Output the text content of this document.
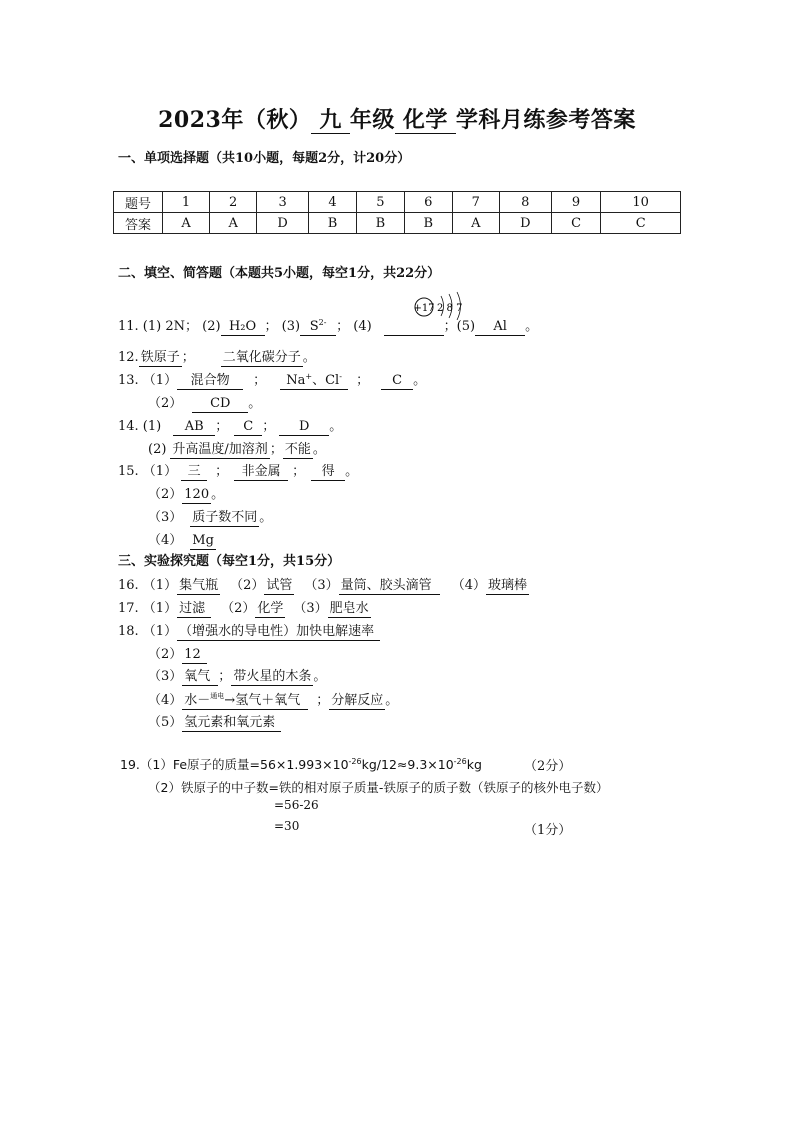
2023年（秋） 九 年级 化学 学科月练参考答案
一、单项选择题（共10小题，每题2分，计20分）
题号	1	2	3	4	5	6	7	8	9	10
答案	A	A	D	B	B	B	A	D	C	C
二、填空、简答题（本题共5小题，每空1分，共22分）
+17 2 8 7
11. (1) 2N； (2) H₂O ； (3) $S^{2-}$ ； (4)	；(5) Al 。
12. 铁原子 ； 二氧化碳分子 。
13. （1） 混合物 ； Na+、Cl- ； C 。
（2） CD 。
14. (1) AB ； C ； D 。
(2) 升高温度/加溶剂 ； 不能 。
15. （1） 三 ； 非金属 ； 得 。
（2） 120 。
（3） 质子数不同 。
（4） Mg
三、实验探究题（每空1分，共15分）
16. （1） 集气瓶 （2） 试管 （3） 量筒、胶头滴管 （4） 玻璃棒
17. （1） 过滤 （2） 化学 （3） 肥皂水
18. （1） （增强水的导电性）加快电解速率
（2） 12
（3） 氧气 ； 带火星的木条 。
（4） 水－$^{通电}$→氢气＋氧气 ； 分解反应 。
（5） 氢元素和氧元素
19.（1）Fe原子的质量$=56\times 1.993\times 10^{-26}kg/12\approx 9.3\times 10^{-26}kg$	（2分）
（2）铁原子的中子数=铁的相对原子质量-铁原子的质子数（铁原子的核外电子数）
=56-26
=30	（1分）
